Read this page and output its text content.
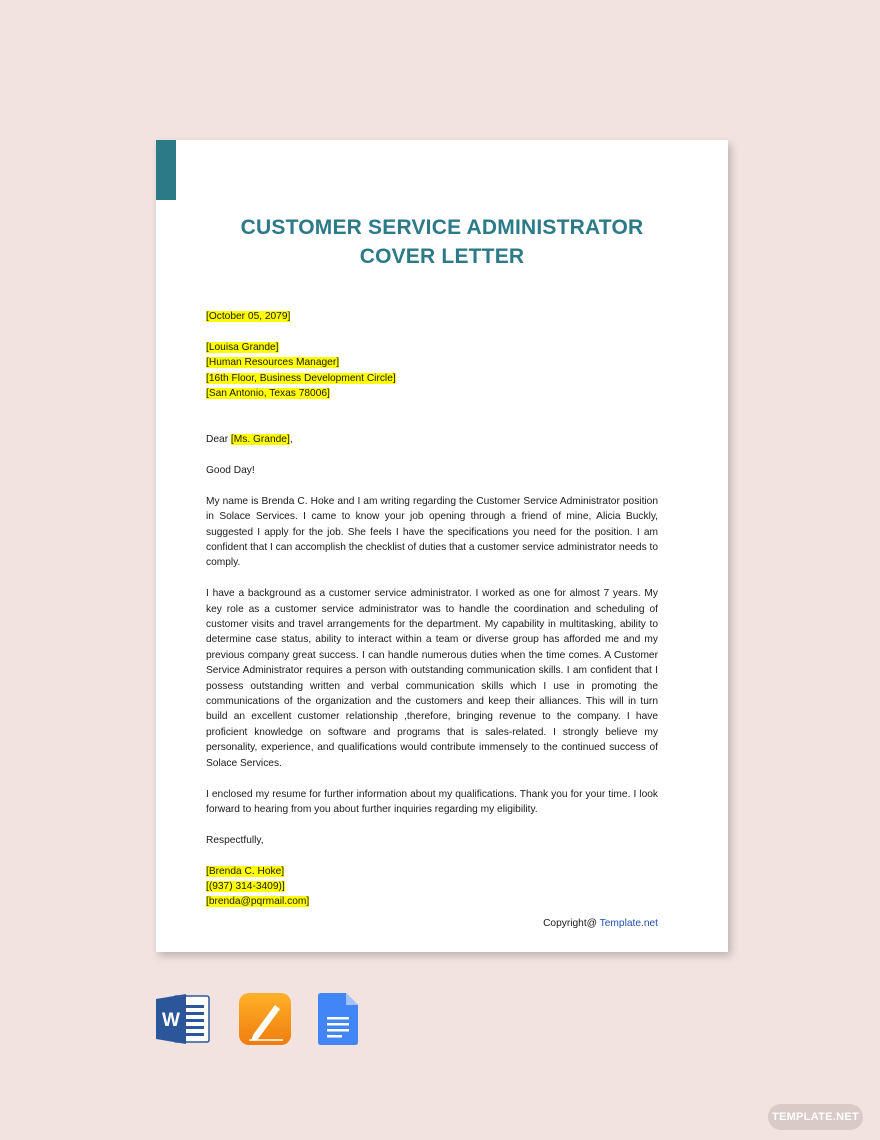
CUSTOMER SERVICE ADMINISTRATOR
COVER LETTER
[October 05, 2079]
[Louisa Grande]
[Human Resources Manager]
[16th Floor, Business Development Circle]
[San Antonio, Texas 78006]
Dear [Ms. Grande],
Good Day!
My name is Brenda C. Hoke and I am writing regarding the Customer Service Administrator position in Solace Services. I came to know your job opening through a friend of mine, Alicia Buckly, suggested I apply for the job. She feels I have the specifications you need for the position. I am confident that I can accomplish the checklist of duties that a customer service administrator needs to comply.
I have a background as a customer service administrator. I worked as one for almost 7 years. My key role as a customer service administrator was to handle the coordination and scheduling of customer visits and travel arrangements for the department. My capability in multitasking, ability to determine case status, ability to interact within a team or diverse group has afforded me and my previous company great success. I can handle numerous duties when the time comes. A Customer Service Administrator requires a person with outstanding communication skills. I am confident that I possess outstanding written and verbal communication skills which I use in promoting the communications of the organization and the customers and keep their alliances. This will in turn build an excellent customer relationship ,therefore, bringing revenue to the company. I have proficient knowledge on software and programs that is sales-related. I strongly believe my personality, experience, and qualifications would contribute immensely to the continued success of Solace Services.
I enclosed my resume for further information about my qualifications. Thank you for your time. I look forward to hearing from you about further inquiries regarding my eligibility.
Respectfully,
[Brenda C. Hoke]
[(937) 314-3409)]
[brenda@pqrmail.com]
Copyright@ Template.net
W
TEMPLATE.NET
